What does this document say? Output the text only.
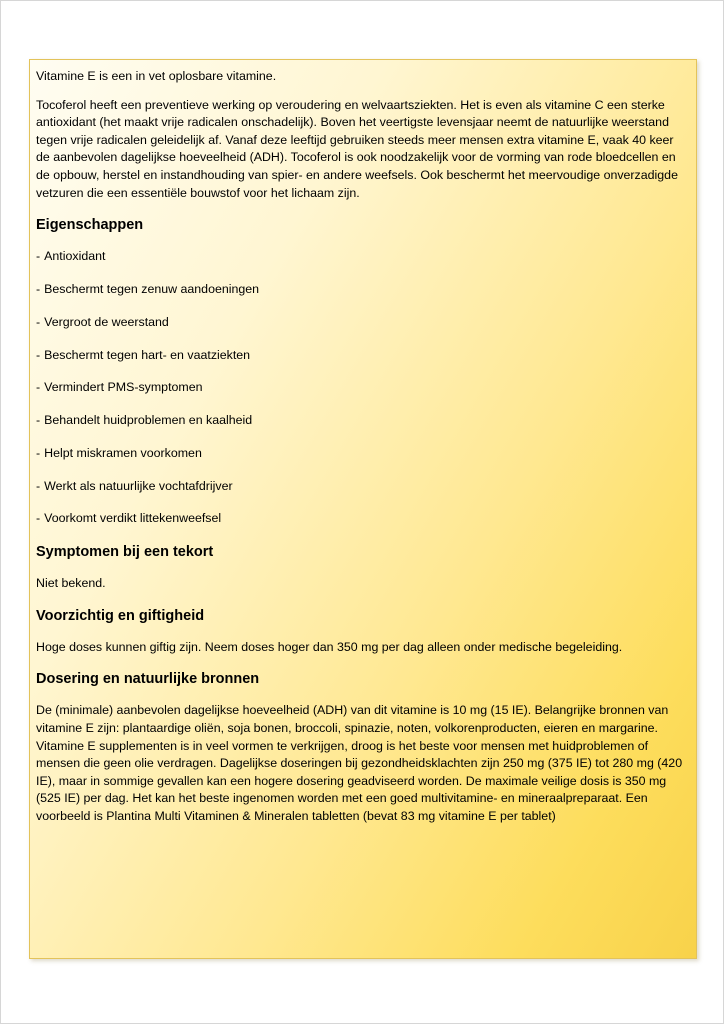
Vitamine E is een in vet oplosbare vitamine.

Tocoferol heeft een preventieve werking op veroudering en welvaartsziekten. Het is even als vitamine C een sterke antioxidant (het maakt vrije radicalen onschadelijk). Boven het veertigste levensjaar neemt de natuurlijke weerstand tegen vrije radicalen geleidelijk af. Vanaf deze leeftijd gebruiken steeds meer mensen extra vitamine E, vaak 40 keer de aanbevolen dagelijkse hoeveelheid (ADH). Tocoferol is ook noodzakelijk voor de vorming van rode bloedcellen en de opbouw, herstel en instandhouding van spier- en andere weefsels. Ook beschermt het meervoudige onverzadigde vetzuren die een essentiële bouwstof voor het lichaam zijn.

Eigenschappen
- Antioxidant
- Beschermt tegen zenuw aandoeningen
- Vergroot de weerstand
- Beschermt tegen hart- en vaatziekten
- Vermindert PMS-symptomen
- Behandelt huidproblemen en kaalheid
- Helpt miskramen voorkomen
- Werkt als natuurlijke vochtafdrijver
- Voorkomt verdikt littekenweefsel
Symptomen bij een tekort

Niet bekend.

Voorzichtig en giftigheid

Hoge doses kunnen giftig zijn. Neem doses hoger dan 350 mg per dag alleen onder medische begeleiding.

Dosering en natuurlijke bronnen

De (minimale) aanbevolen dagelijkse hoeveelheid (ADH) van dit vitamine is 10 mg (15 IE). Belangrijke bronnen van vitamine E zijn: plantaardige oliën, soja bonen, broccoli, spinazie, noten, volkorenproducten, eieren en margarine. Vitamine E supplementen is in veel vormen te verkrijgen, droog is het beste voor mensen met huidproblemen of mensen die geen olie verdragen. Dagelijkse doseringen bij gezondheidsklachten zijn 250 mg (375 IE) tot 280 mg (420 IE), maar in sommige gevallen kan een hogere dosering geadviseerd worden. De maximale veilige dosis is 350 mg (525 IE) per dag. Het kan het beste ingenomen worden met een goed multivitamine- en mineraalpreparaat. Een voorbeeld is Plantina Multi Vitaminen & Mineralen tabletten (bevat 83 mg vitamine E per tablet)
